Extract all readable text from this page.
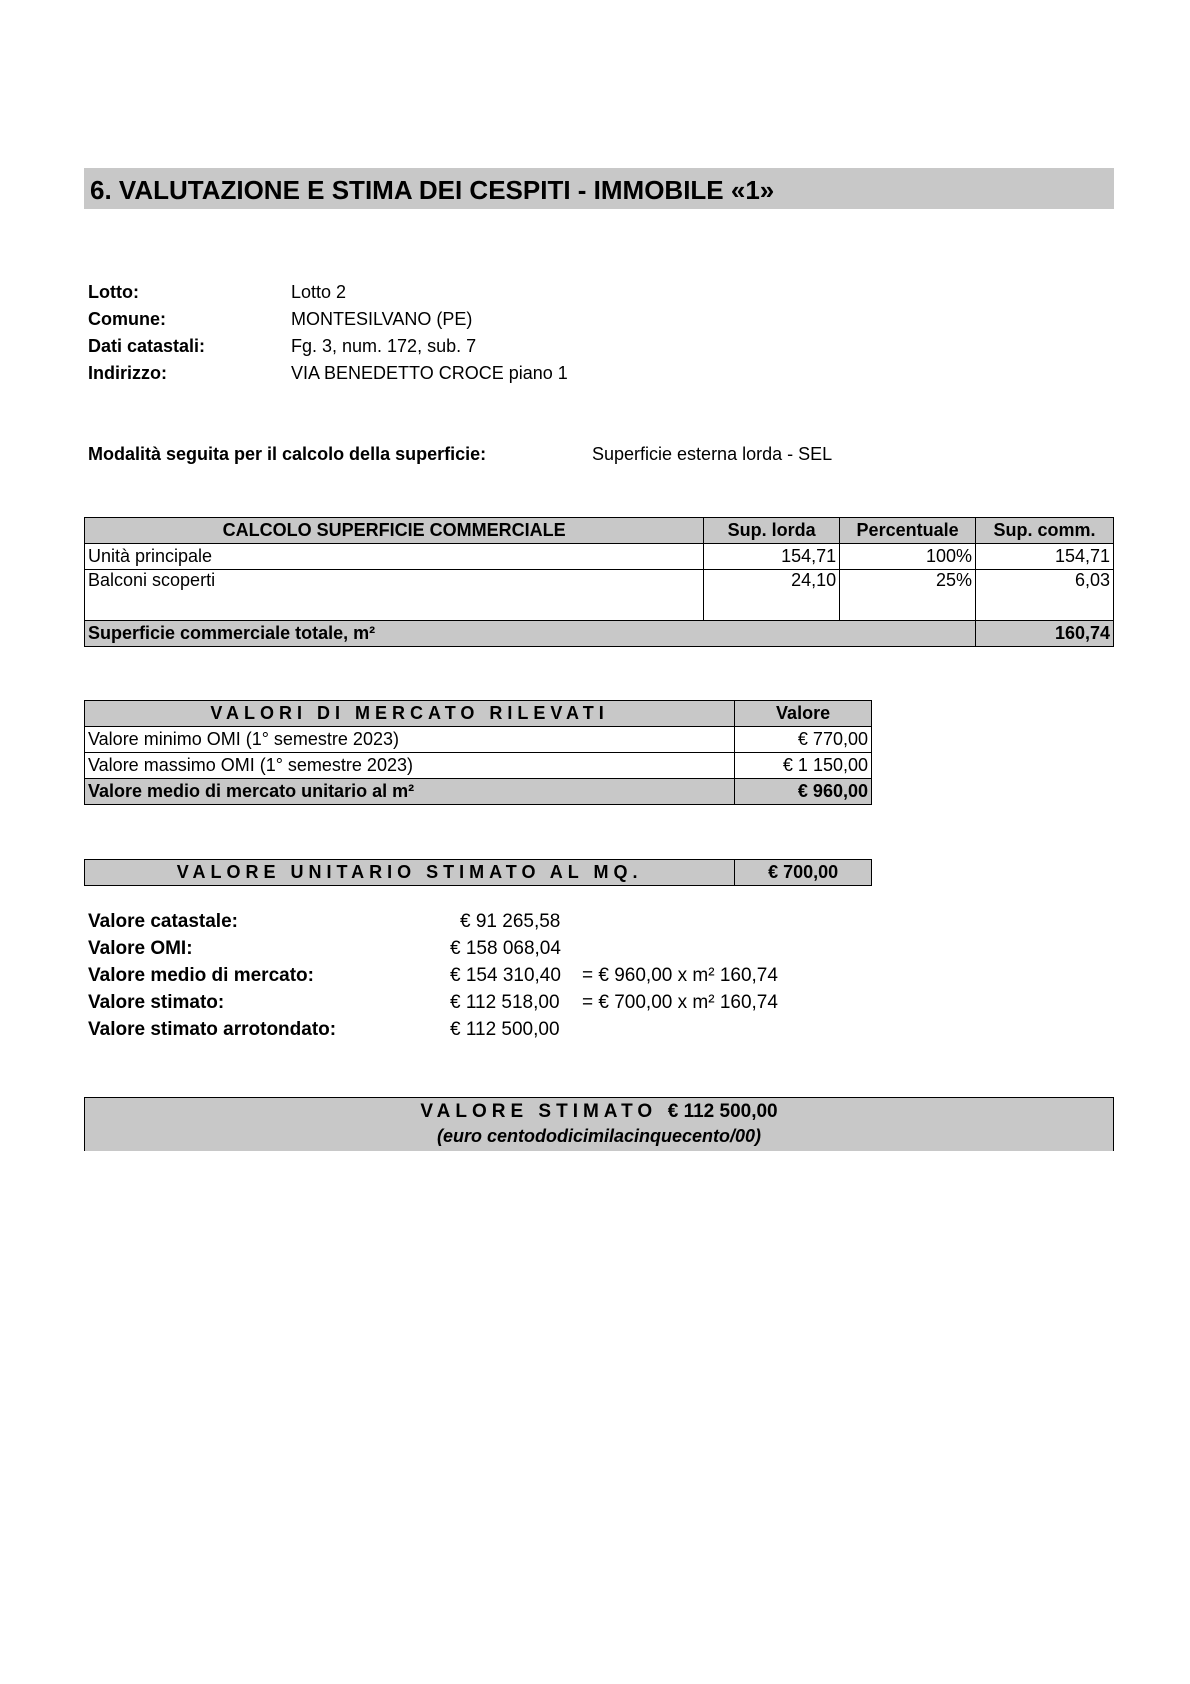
6. VALUTAZIONE E STIMA DEI CESPITI - IMMOBILE «1»
Lotto:	Lotto 2
Comune:	MONTESILVANO (PE)
Dati catastali:	Fg. 3, num. 172, sub. 7
Indirizzo:	VIA BENEDETTO CROCE piano 1
Modalità seguita per il calcolo della superficie:	Superficie esterna lorda - SEL
CALCOLO SUPERFICIE COMMERCIALE	Sup. lorda	Percentuale	Sup. comm.
Unità principale	154,71	100%	154,71
Balconi scoperti	24,10	25%	6,03
Superficie commerciale totale, m²			160,74
VALORI DI MERCATO RILEVATI	Valore
Valore minimo OMI (1° semestre 2023)	€ 770,00
Valore massimo OMI (1° semestre 2023)	€ 1 150,00
Valore medio di mercato unitario al m²	€ 960,00
VALORE UNITARIO STIMATO AL MQ.	€ 700,00
Valore catastale:	€ 91 265,58
Valore OMI:	€ 158 068,04
Valore medio di mercato:	€ 154 310,40 = € 960,00 x m² 160,74
Valore stimato:	€ 112 518,00 = € 700,00 x m² 160,74
Valore stimato arrotondato:	€ 112 500,00
VALORE STIMATO € 112 500,00
(euro centododicimilacinquecento/00)
